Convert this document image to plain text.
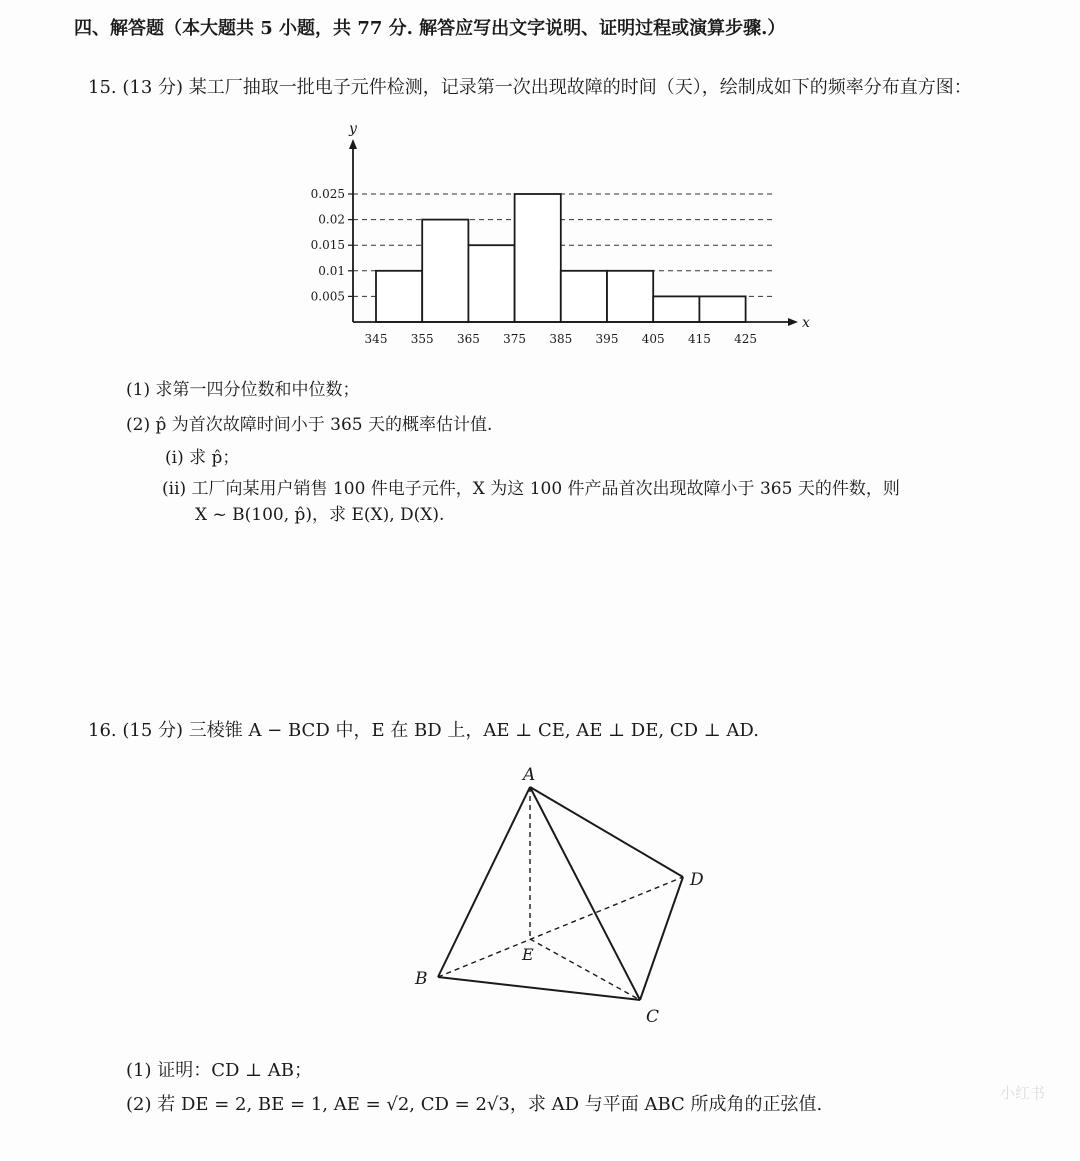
四、解答题（本大题共 5 小题，共 77 分. 解答应写出文字说明、证明过程或演算步骤.）
15. (13 分) 某工厂抽取一批电子元件检测，记录第一次出现故障的时间（天），绘制成如下的频率分布直方图：
0.005
0.01
0.015
0.02
0.025
345 355 365 375 385 395 405 415 425
x
y
(1) 求第一四分位数和中位数；
(2) p̂ 为首次故障时间小于 365 天的概率估计值.
(i) 求 p̂；
(ii) 工厂向某用户销售 100 件电子元件，X 为这 100 件产品首次出现故障小于 365 天的件数，则
X ~ B(100, p̂)，求 E(X), D(X).
16. (15 分) 三棱锥 A − BCD 中，E 在 BD 上，AE ⊥ CE, AE ⊥ DE, CD ⊥ AD.
A
B
C
D
E
(1) 证明：CD ⊥ AB；
(2) 若 DE = 2, BE = 1, AE = √2, CD = 2√3，求 AD 与平面 ABC 所成角的正弦值.
小红书
